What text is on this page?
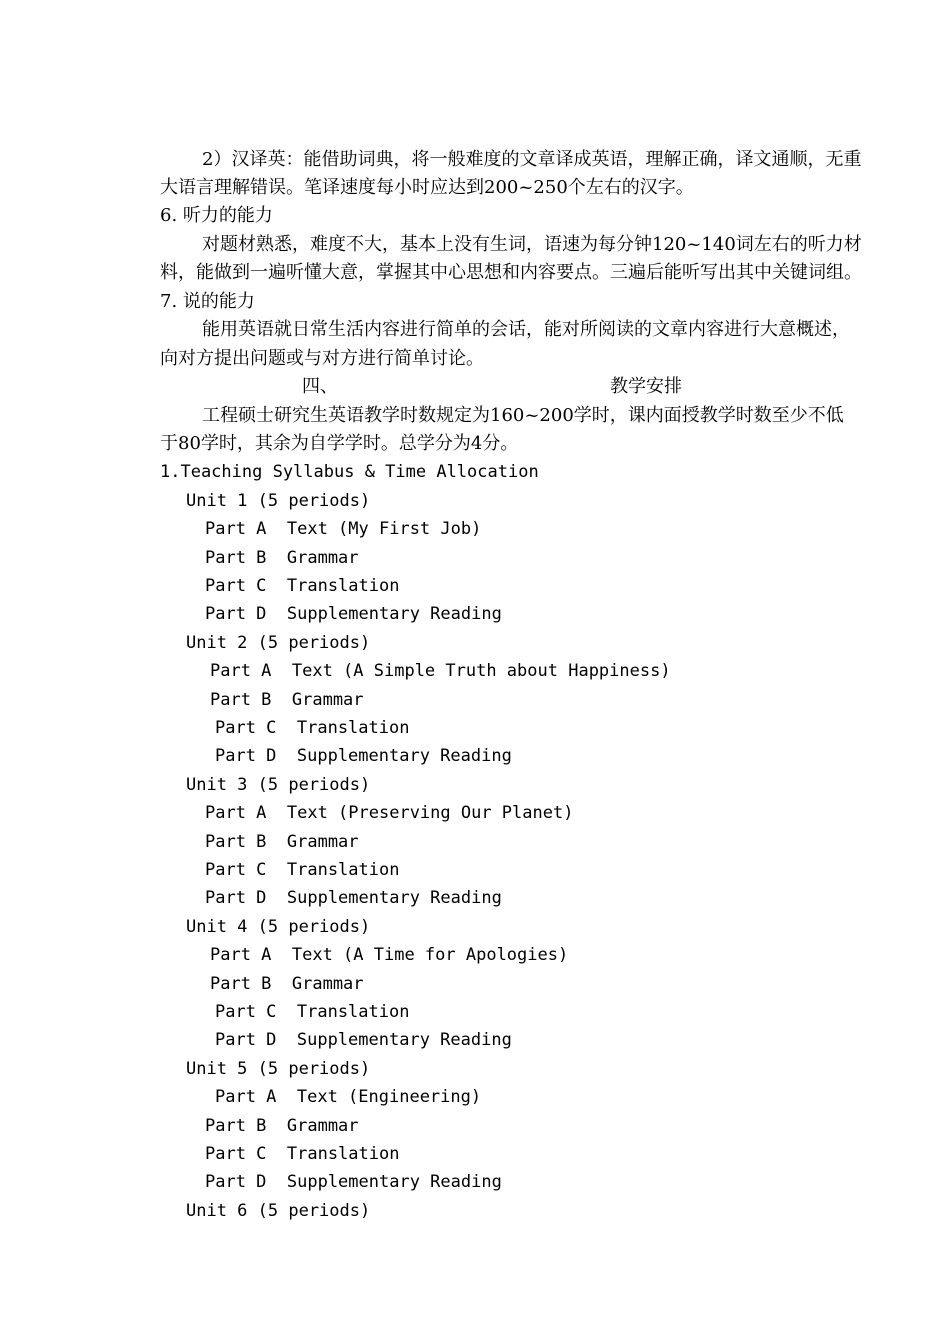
2）汉译英：能借助词典，将一般难度的文章译成英语，理解正确，译文通顺，无重
大语言理解错误。笔译速度每小时应达到200~250个左右的汉字。
6. 听力的能力
对题材熟悉，难度不大，基本上没有生词，语速为每分钟120~140词左右的听力材
料，能做到一遍听懂大意，掌握其中心思想和内容要点。三遍后能听写出其中关键词组。
7. 说的能力
能用英语就日常生活内容进行简单的会话，能对所阅读的文章内容进行大意概述，
向对方提出问题或与对方进行简单讨论。
四、	教学安排
工程硕士研究生英语教学时数规定为160~200学时，课内面授教学时数至少不低
于80学时，其余为自学学时。总学分为4分。
1.Teaching Syllabus & Time Allocation
Unit 1 (5 periods)
Part A  Text (My First Job)
Part B  Grammar
Part C  Translation
Part D  Supplementary Reading
Unit 2 (5 periods)
Part A  Text (A Simple Truth about Happiness)
Part B  Grammar
Part C  Translation
Part D  Supplementary Reading
Unit 3 (5 periods)
Part A  Text (Preserving Our Planet)
Part B  Grammar
Part C  Translation
Part D  Supplementary Reading
Unit 4 (5 periods)
Part A  Text (A Time for Apologies)
Part B  Grammar
Part C  Translation
Part D  Supplementary Reading
Unit 5 (5 periods)
Part A  Text (Engineering)
Part B  Grammar
Part C  Translation
Part D  Supplementary Reading
Unit 6 (5 periods)
